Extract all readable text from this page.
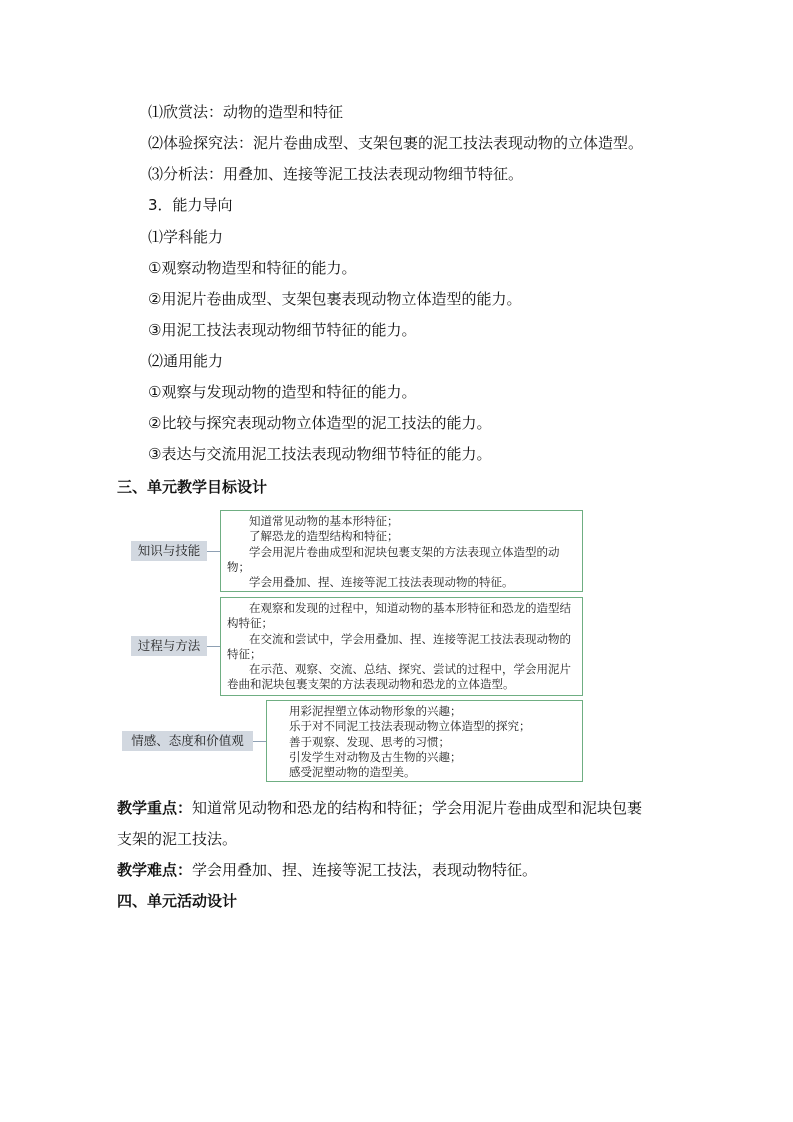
⑴欣赏法：动物的造型和特征
⑵体验探究法：泥片卷曲成型、支架包裹的泥工技法表现动物的立体造型。
⑶分析法：用叠加、连接等泥工技法表现动物细节特征。
3．能力导向
⑴学科能力
①观察动物造型和特征的能力。
②用泥片卷曲成型、支架包裹表现动物立体造型的能力。
③用泥工技法表现动物细节特征的能力。
⑵通用能力
①观察与发现动物的造型和特征的能力。
②比较与探究表现动物立体造型的泥工技法的能力。
③表达与交流用泥工技法表现动物细节特征的能力。
三、单元教学目标设计
知识与技能

知道常见动物的基本形特征；

了解恐龙的造型结构和特征；

学会用泥片卷曲成型和泥块包裹支架的方法表现立体造型的动物；

学会用叠加、捏、连接等泥工技法表现动物的特征。

过程与方法

在观察和发现的过程中，知道动物的基本形特征和恐龙的造型结构特征；

在交流和尝试中，学会用叠加、捏、连接等泥工技法表现动物的特征；

在示范、观察、交流、总结、探究、尝试的过程中，学会用泥片卷曲和泥块包裹支架的方法表现动物和恐龙的立体造型。

情感、态度和价值观

用彩泥捏塑立体动物形象的兴趣；

乐于对不同泥工技法表现动物立体造型的探究；

善于观察、发现、思考的习惯；

引发学生对动物及古生物的兴趣；

感受泥塑动物的造型美。

教学重点：知道常见动物和恐龙的结构和特征；学会用泥片卷曲成型和泥块包裹
支架的泥工技法。
教学难点：学会用叠加、捏、连接等泥工技法，表现动物特征。
四、单元活动设计
